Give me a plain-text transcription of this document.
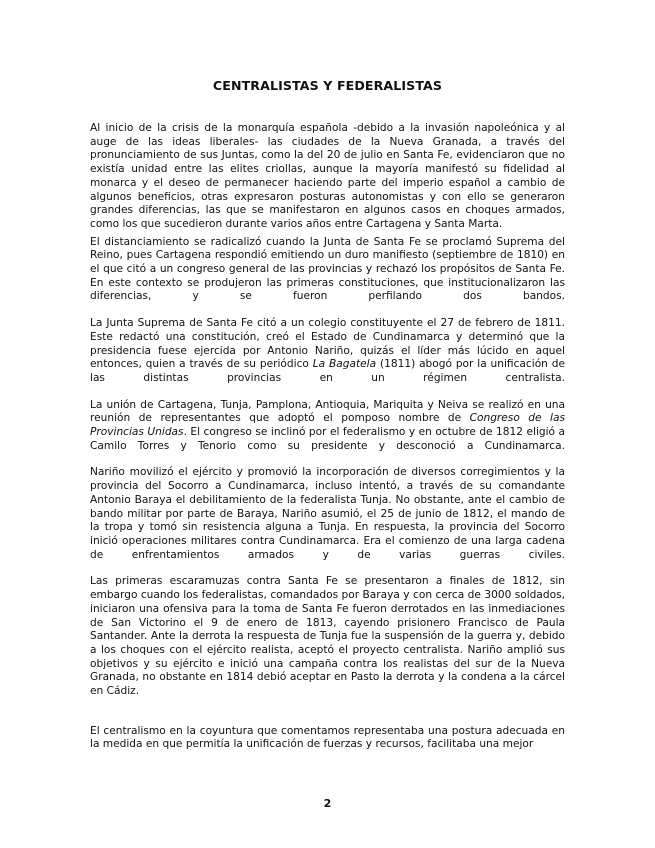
CENTRALISTAS Y FEDERALISTAS

Al inicio de la crisis de la monarquía española -debido a la invasión napoleónica y al auge de las ideas liberales- las ciudades de la Nueva Granada, a través del pronunciamiento de sus Juntas, como la del 20 de julio en Santa Fe, evidenciaron que no existía unidad entre las elites criollas, aunque la mayoría manifestó su fidelidad al monarca y el deseo de permanecer haciendo parte del imperio español a cambio de algunos beneficios, otras expresaron posturas autonomistas y con ello se generaron grandes diferencias, las que se manifestaron en algunos casos en choques armados, como los que sucedieron durante varios años entre Cartagena y Santa Marta.

El distanciamiento se radicalizó cuando la Junta de Santa Fe se proclamó Suprema del Reino, pues Cartagena respondió emitiendo un duro manifiesto (septiembre de 1810) en el que citó a un congreso general de las provincias y rechazó los propósitos de Santa Fe. En este contexto se produjeron las primeras constituciones, que institucionalizaron las diferencias, y se fueron perfilando dos bandos.

La Junta Suprema de Santa Fe citó a un colegio constituyente el 27 de febrero de 1811. Este redactó una constitución, creó el Estado de Cundinamarca y determinó que la presidencia fuese ejercida por Antonio Nariño, quizás el líder más lúcido en aquel entonces, quien a través de su periódico La Bagatela (1811) abogó por la unificación de las distintas provincias en un régimen centralista.

La unión de Cartagena, Tunja, Pamplona, Antioquia, Mariquita y Neiva se realizó en una reunión de representantes que adoptó el pomposo nombre de Congreso de las Provincias Unidas. El congreso se inclinó por el federalismo y en octubre de 1812 eligió a Camilo Torres y Tenorio como su presidente y desconoció a Cundinamarca.

Nariño movilizó el ejército y promovió la incorporación de diversos corregimientos y la provincia del Socorro a Cundinamarca, incluso intentó, a través de su comandante Antonio Baraya el debilitamiento de la federalista Tunja. No obstante, ante el cambio de bando militar por parte de Baraya, Nariño asumió, el 25 de junio de 1812, el mando de la tropa y tomó sin resistencia alguna a Tunja. En respuesta, la provincia del Socorro inició operaciones militares contra Cundinamarca. Era el comienzo de una larga cadena de enfrentamientos armados y de varias guerras civiles.

Las primeras escaramuzas contra Santa Fe se presentaron a finales de 1812, sin embargo cuando los federalistas, comandados por Baraya y con cerca de 3000 soldados, iniciaron una ofensiva para la toma de Santa Fe fueron derrotados en las inmediaciones de San Victorino el 9 de enero de 1813, cayendo prisionero Francisco de Paula Santander. Ante la derrota la respuesta de Tunja fue la suspensión de la guerra y, debido a los choques con el ejército realista, aceptó el proyecto centralista. Nariño amplió sus objetivos y su ejército e inició una campaña contra los realistas del sur de la Nueva Granada, no obstante en 1814 debió aceptar en Pasto la derrota y la condena a la cárcel en Cádiz.

El centralismo en la coyuntura que comentamos representaba una postura adecuada en la medida en que permitía la unificación de fuerzas y recursos, facilitaba una mejor

2
